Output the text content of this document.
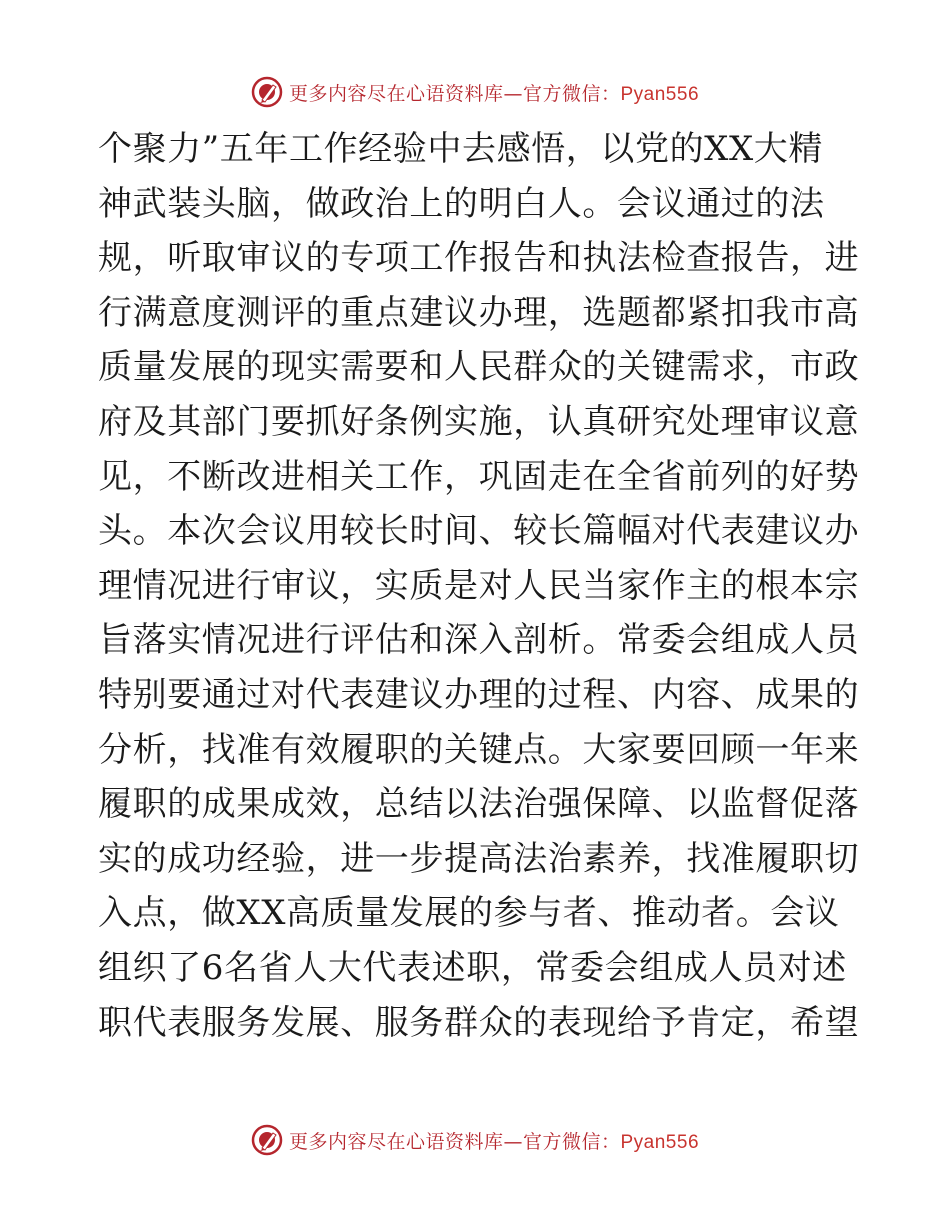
更多内容尽在心语资料库—官方微信：Pyan556
个聚力”五年工作经验中去感悟，以党的XX大精
神武装头脑，做政治上的明白人。会议通过的法
规，听取审议的专项工作报告和执法检查报告，进
行满意度测评的重点建议办理，选题都紧扣我市高
质量发展的现实需要和人民群众的关键需求，市政
府及其部门要抓好条例实施，认真研究处理审议意
见，不断改进相关工作，巩固走在全省前列的好势
头。本次会议用较长时间、较长篇幅对代表建议办
理情况进行审议，实质是对人民当家作主的根本宗
旨落实情况进行评估和深入剖析。常委会组成人员
特别要通过对代表建议办理的过程、内容、成果的
分析，找准有效履职的关键点。大家要回顾一年来
履职的成果成效，总结以法治强保障、以监督促落
实的成功经验，进一步提高法治素养，找准履职切
入点，做XX高质量发展的参与者、推动者。会议
组织了6名省人大代表述职，常委会组成人员对述
职代表服务发展、服务群众的表现给予肯定，希望
更多内容尽在心语资料库—官方微信：Pyan556
